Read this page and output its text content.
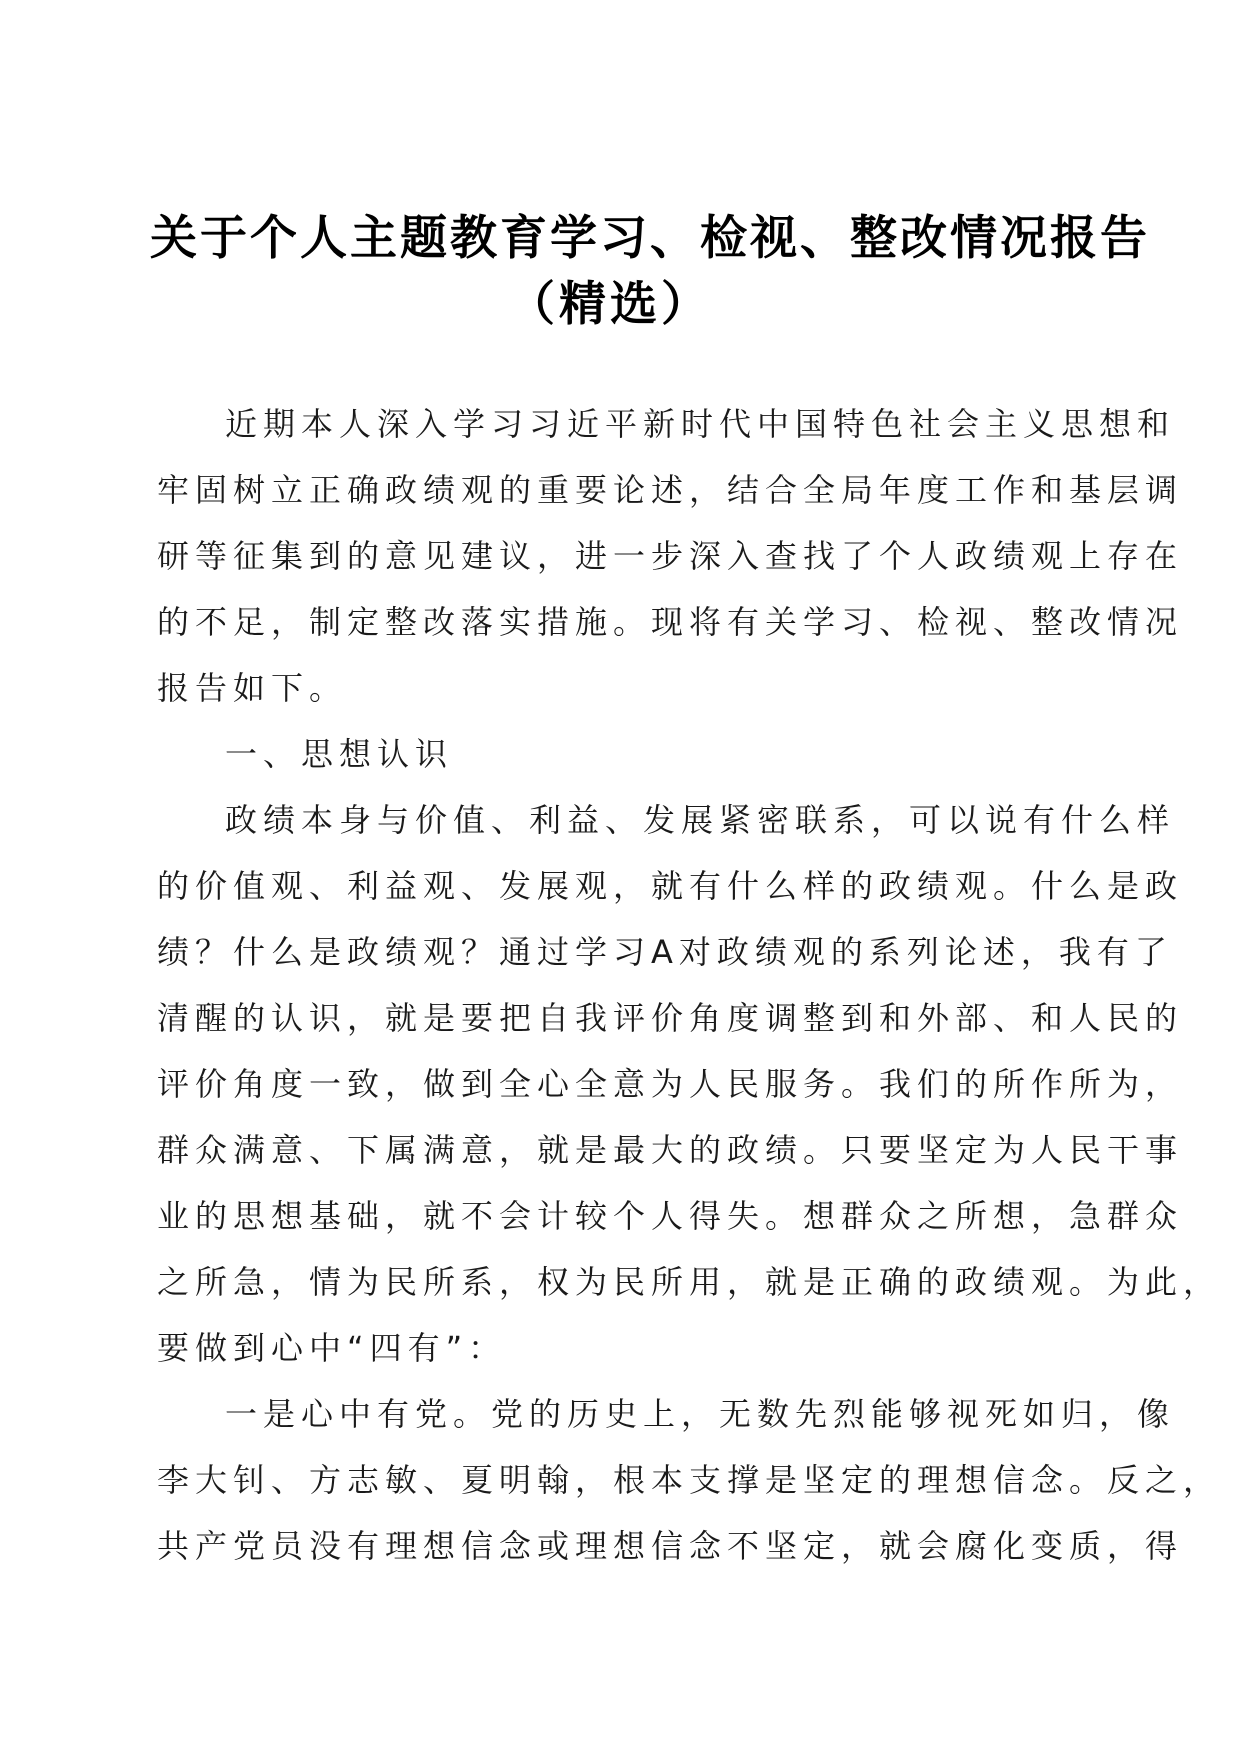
关于个人主题教育学习、检视、整改情况报告
（精选）
近期本人深入学习习近平新时代中国特色社会主义思想和
牢固树立正确政绩观的重要论述，结合全局年度工作和基层调
研等征集到的意见建议，进一步深入查找了个人政绩观上存在
的不足，制定整改落实措施。现将有关学习、检视、整改情况
报告如下。
一、思想认识
政绩本身与价值、利益、发展紧密联系，可以说有什么样
的价值观、利益观、发展观，就有什么样的政绩观。什么是政
绩？什么是政绩观？通过学习A对政绩观的系列论述，我有了
清醒的认识，就是要把自我评价角度调整到和外部、和人民的
评价角度一致，做到全心全意为人民服务。我们的所作所为，
群众满意、下属满意，就是最大的政绩。只要坚定为人民干事
业的思想基础，就不会计较个人得失。想群众之所想，急群众
之所急，情为民所系，权为民所用，就是正确的政绩观。为此，
要做到心中“四有”：
一是心中有党。党的历史上，无数先烈能够视死如归，像
李大钊、方志敏、夏明翰，根本支撑是坚定的理想信念。反之，
共产党员没有理想信念或理想信念不坚定，就会腐化变质，得
